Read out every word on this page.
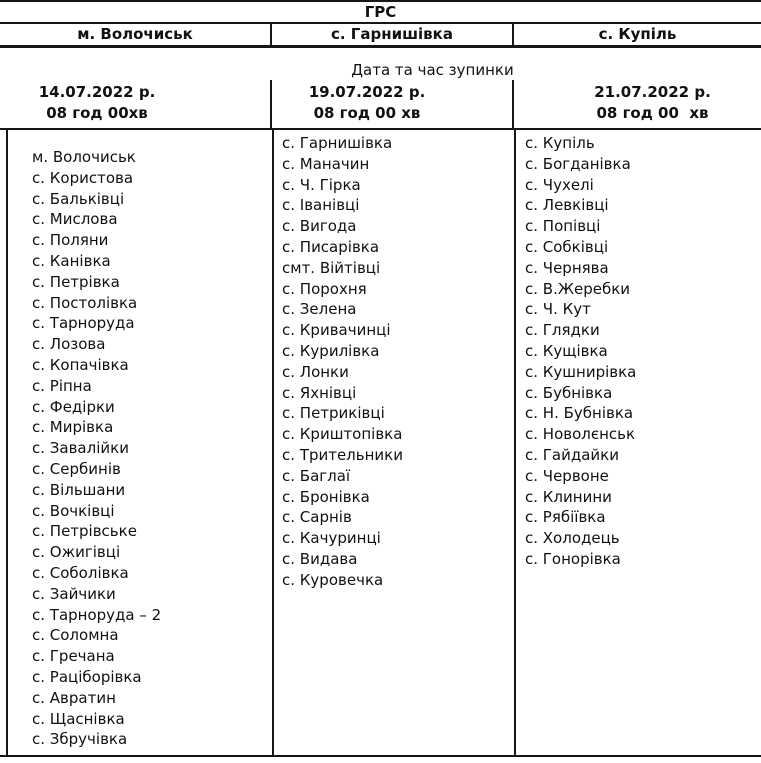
ГРС
м. Волочиськ	с. Гарнишівка	с. Купіль
Дата та час зупинки
14.07.2022 р.
08 год 00хв
19.07.2022 р.
08 год 00 хв
21.07.2022 р.
08 год 00  хв
м. Волочиськ
с. Користова
с. Бальківці
с. Мислова
с. Поляни
с. Канівка
с. Петрівка
с. Постолівка
с. Тарноруда
с. Лозова
с. Копачівка
с. Ріпна
с. Федірки
с. Мирівка
с. Завалійки
с. Сербинів
с. Вільшани
с. Вочківці
с. Петрівське
с. Ожигівці
с. Соболівка
с. Зайчики
с. Тарноруда – 2
с. Соломна
с. Гречана
с. Раціборівка
с. Авратин
с. Щаснівка
с. Збручівка
с. Гарнишівка
с. Маначин
с. Ч. Гірка
с. Іванівці
с. Вигода
с. Писарівка
смт. Війтівці
с. Порохня
с. Зелена
с. Кривачинці
с. Курилівка
с. Лонки
с. Яхнівці
с. Петриківці
с. Криштопівка
с. Трительники
с. Баглаї
с. Бронівка
с. Сарнів
с. Качуринці
с. Видава
с. Куровечка
с. Купіль
с. Богданівка
с. Чухелі
с. Левківці
с. Попівці
с. Собківці
с. Чернява
с. В.Жеребки
с. Ч. Кут
с. Глядки
с. Кущівка
с. Кушнирівка
с. Бубнівка
с. Н. Бубнівка
с. Новолєнськ
с. Гайдайки
с. Червоне
с. Клинини
с. Рябіївка
с. Холодець
с. Гонорівка
